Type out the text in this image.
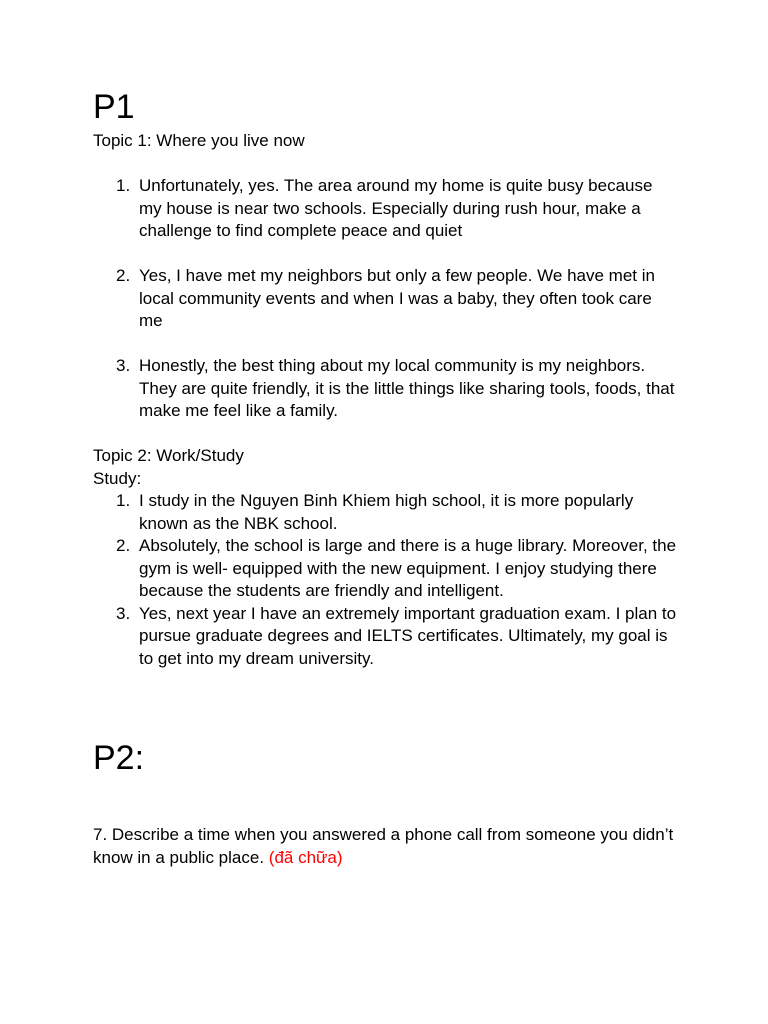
P1
Topic 1: Where you live now
1. Unfortunately, yes. The area around my home is quite busy because my house is near two schools. Especially during rush hour, make a challenge to find complete peace and quiet
2. Yes, I have met my neighbors but only a few people. We have met in local community events and when I was a baby, they often took care me
3. Honestly, the best thing about my local community is my neighbors. They are quite friendly, it is the little things like sharing tools, foods, that make me feel like a family.
Topic 2: Work/Study
Study:
1. I study in the Nguyen Binh Khiem high school, it is more popularly known as the NBK school.
2. Absolutely, the school is large and there is a huge library. Moreover, the gym is well- equipped with the new equipment. I enjoy studying there because the students are friendly and intelligent.
3. Yes, next year I have an extremely important graduation exam. I plan to pursue graduate degrees and IELTS certificates. Ultimately, my goal is to get into my dream university.
P2:
7. Describe a time when you answered a phone call from someone you didn’t know in a public place. (đã chữa)
